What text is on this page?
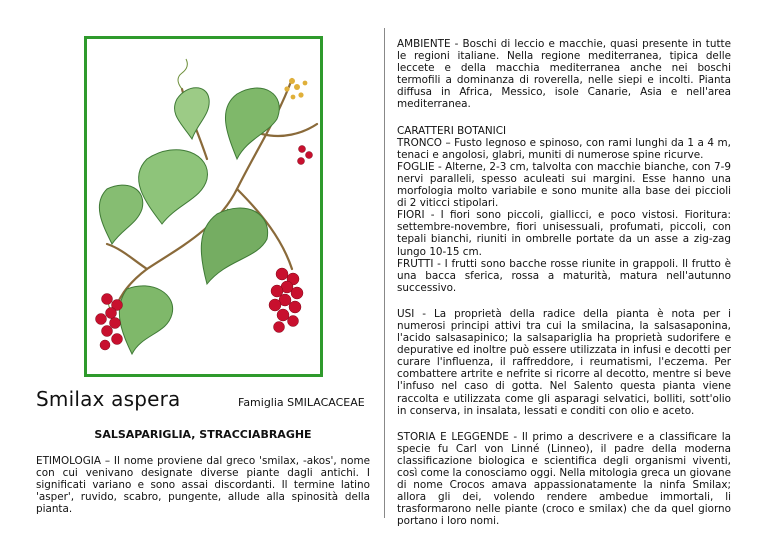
Smilax aspera	Famiglia SMILACACEAE
SALSAPARIGLIA, STRACCIABRAGHE
ETIMOLOGIA – Il nome proviene dal greco 'smilax, -akos', nome con cui venivano designate diverse piante dagli antichi. I significati variano e sono assai discordanti. Il termine latino 'asper', ruvido, scabro, pungente, allude alla spinosità della pianta.

AMBIENTE - Boschi di leccio e macchie, quasi presente in tutte le regioni italiane. Nella regione mediterranea, tipica delle leccete e della macchia mediterranea anche nei boschi termofili a dominanza di roverella, nelle siepi e incolti. Pianta diffusa in Africa, Messico, isole Canarie, Asia e nell'area mediterranea.

CARATTERI BOTANICI

TRONCO – Fusto legnoso e spinoso, con rami lunghi da 1 a 4 m, tenaci e angolosi, glabri, muniti di numerose spine ricurve.

FOGLIE - Alterne, 2-3 cm, talvolta con macchie bianche, con 7-9 nervi paralleli, spesso aculeati sui margini. Esse hanno una morfologia molto variabile e sono munite alla base dei piccioli di 2 viticci stipolari.

FIORI - I fiori sono piccoli, giallicci, e poco vistosi. Fioritura: settembre-novembre, fiori unisessuali, profumati, piccoli, con tepali bianchi, riuniti in ombrelle portate da un asse a zig-zag lungo 10-15 cm.

FRUTTI - I frutti sono bacche rosse riunite in grappoli. Il frutto è una bacca sferica, rossa a maturità, matura nell'autunno successivo.

USI - La proprietà della radice della pianta è nota per i numerosi principi attivi tra cui la smilacina, la salsasaponina, l'acido salsasapinico; la salsapariglia ha proprietà sudorifere e depurative ed inoltre può essere utilizzata in infusi e decotti per curare l'influenza, il raffreddore, i reumatismi, l'eczema. Per combattere artrite e nefrite si ricorre al decotto, mentre si beve l'infuso nel caso di gotta. Nel Salento questa pianta viene raccolta e utilizzata come gli asparagi selvatici, bolliti, sott'olio in conserva, in insalata, lessati e conditi con olio e aceto.

STORIA E LEGGENDE - Il primo a descrivere e a classificare la specie fu Carl von Linné (Linneo), il padre della moderna classificazione biologica e scientifica degli organismi viventi, così come la conosciamo oggi. Nella mitologia greca un giovane di nome Crocos amava appassionatamente la ninfa Smilax; allora gli dei, volendo rendere ambedue immortali, li trasformarono nelle piante (croco e smilax) che da quel giorno portano i loro nomi.
